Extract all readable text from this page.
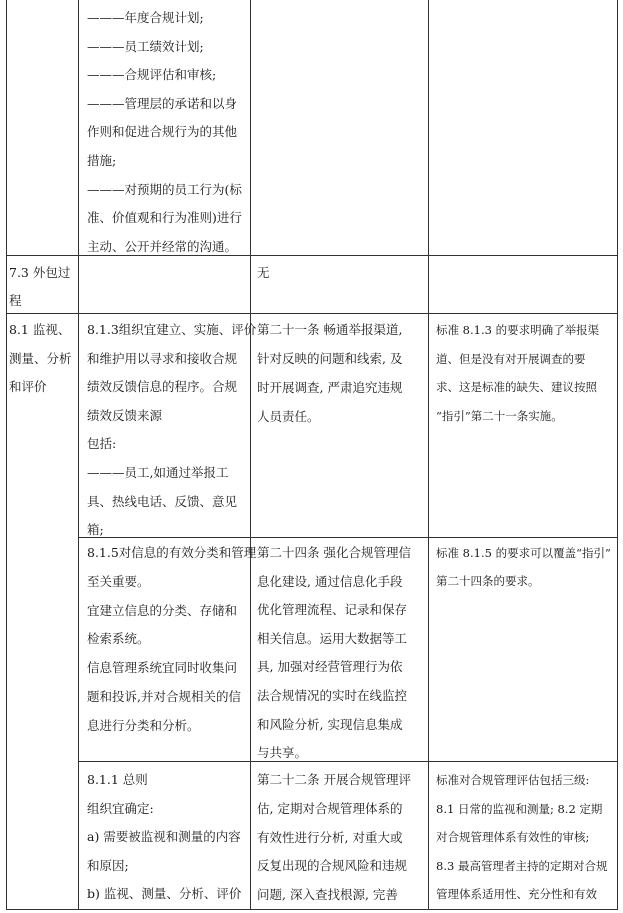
———年度合规计划;
———员工绩效计划;
———合规评估和审核;
———管理层的承诺和以身
作则和促进合规行为的其他
措施;
———对预期的员工行为(标
准、价值观和行为准则)进行
主动、公开并经常的沟通。
7.3 外包过
程
无
8.1 监视、
测量、分析
和评价
8.1.3组织宜建立、实施、评价
和维护用以寻求和接收合规
绩效反馈信息的程序。合规
绩效反馈来源
包括:
———员工,如通过举报工
具、热线电话、反馈、意见
箱;
第二十一条 畅通举报渠道,
针对反映的问题和线索, 及
时开展调查, 严肃追究违规
人员责任。
标准 8.1.3 的要求明确了举报渠
道、但是没有对开展调查的要
求、这是标准的缺失、建议按照
“指引”第二十一条实施。
8.1.5对信息的有效分类和管理
至关重要。
宜建立信息的分类、存储和
检索系统。
信息管理系统宜同时收集问
题和投诉,并对合规相关的信
息进行分类和分析。
第二十四条 强化合规管理信
息化建设, 通过信息化手段
优化管理流程、记录和保存
相关信息。运用大数据等工
具, 加强对经营管理行为依
法合规情况的实时在线监控
和风险分析, 实现信息集成
与共享。
标准 8.1.5 的要求可以覆盖“指引”
第二十四条的要求。
8.1.1 总则
组织宜确定:
a) 需要被监视和测量的内容
和原因;
b) 监视、测量、分析、评价
第二十二条 开展合规管理评
估, 定期对合规管理体系的
有效性进行分析, 对重大或
反复出现的合规风险和违规
问题, 深入查找根源, 完善
标准对合规管理评估包括三级:
8.1 日常的监视和测量; 8.2 定期
对合规管理体系有效性的审核;
8.3 最高管理者主持的定期对合规
管理体系适用性、充分性和有效
